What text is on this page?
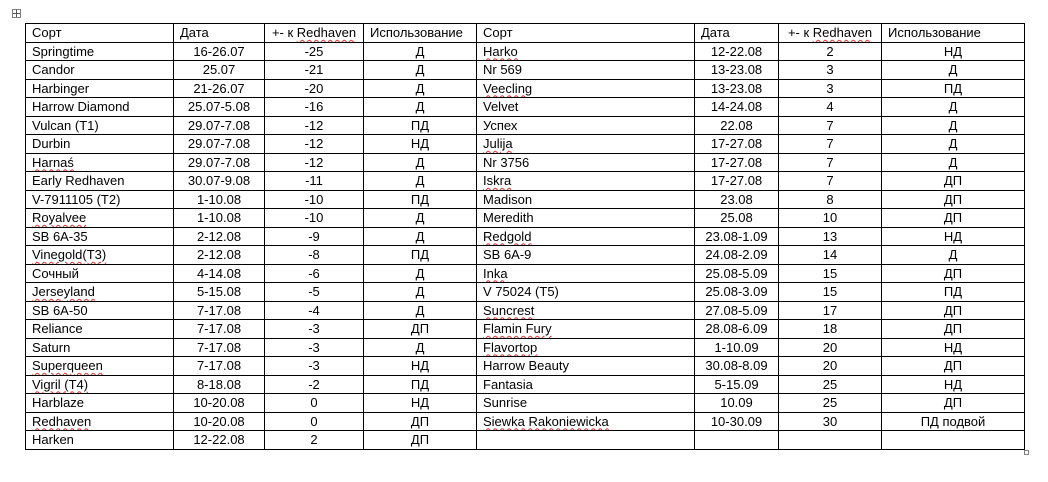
Сорт	Дата	+- к Redhaven	Использование	Сорт	Дата	+- к Redhaven	Использование
Springtime	16-26.07	-25	Д	Harko	12-22.08	2	НД
Candor	25.07	-21	Д	Nr 569	13-23.08	3	Д
Harbinger	21-26.07	-20	Д	Veecling	13-23.08	3	ПД
Harrow Diamond	25.07-5.08	-16	Д	Velvet	14-24.08	4	Д
Vulcan (T1)	29.07-7.08	-12	ПД	Успех	22.08	7	Д
Durbin	29.07-7.08	-12	НД	Julija	17-27.08	7	Д
Harnaś	29.07-7.08	-12	Д	Nr 3756	17-27.08	7	Д
Early Redhaven	30.07-9.08	-11	Д	Iskra	17-27.08	7	ДП
V-7911105 (T2)	1-10.08	-10	ПД	Madison	23.08	8	ДП
Royalvee	1-10.08	-10	Д	Meredith	25.08	10	ДП
SB 6A-35	2-12.08	-9	Д	Redgold	23.08-1.09	13	НД
Vinegold(T3)	2-12.08	-8	ПД	SB 6A-9	24.08-2.09	14	Д
Сочный	4-14.08	-6	Д	Inka	25.08-5.09	15	ДП
Jerseyland	5-15.08	-5	Д	V 75024 (T5)	25.08-3.09	15	ПД
SB 6A-50	7-17.08	-4	Д	Suncrest	27.08-5.09	17	ДП
Reliance	7-17.08	-3	ДП	Flamin Fury	28.08-6.09	18	ДП
Saturn	7-17.08	-3	Д	Flavortop	1-10.09	20	НД
Superqueen	7-17.08	-3	НД	Harrow Beauty	30.08-8.09	20	ДП
Vigril (T4)	8-18.08	-2	ПД	Fantasia	5-15.09	25	НД
Harblaze	10-20.08	0	НД	Sunrise	10.09	25	ДП
Redhaven	10-20.08	0	ДП	Siewka Rakoniewicka	10-30.09	30	ПД подвой
Harken	12-22.08	2	ДП				
